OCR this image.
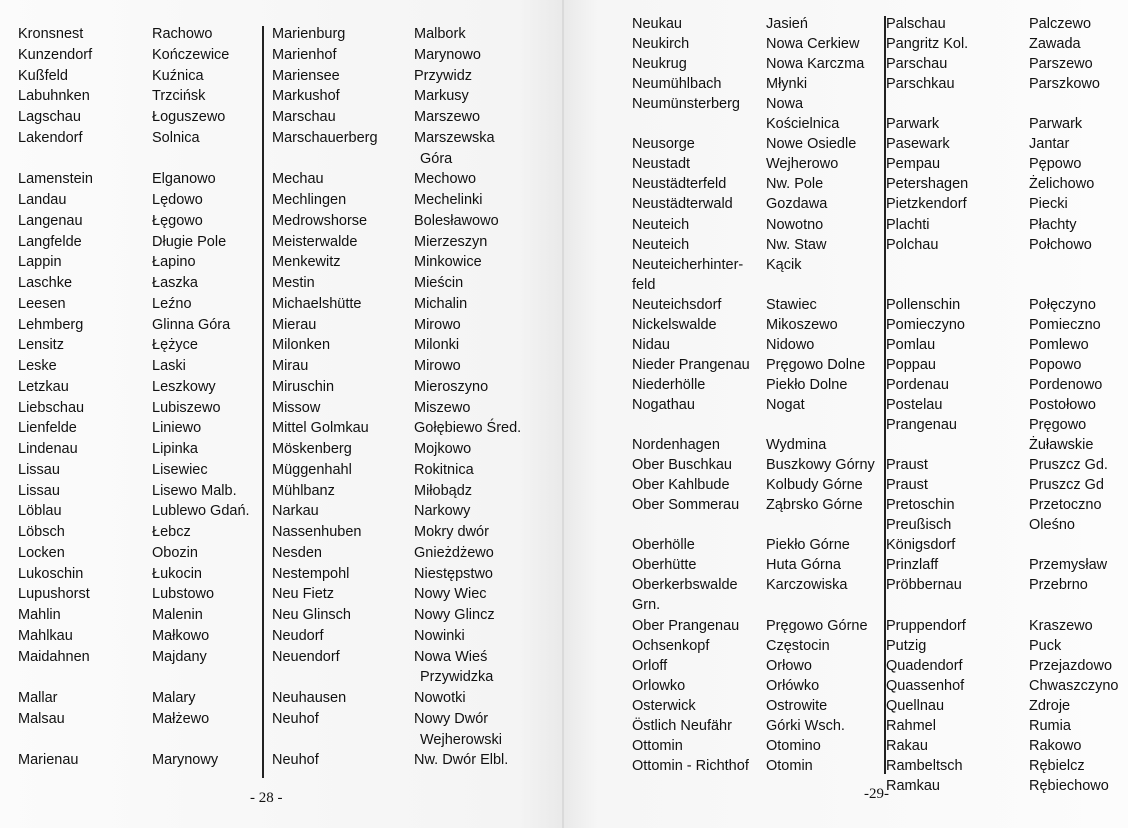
Kronsnest
Kunzendorf
Kußfeld
Labuhnken
Lagschau
Lakendorf
Lamenstein
Landau
Langenau
Langfelde
Lappin
Laschke
Leesen
Lehmberg
Lensitz
Leske
Letzkau
Liebschau
Lienfelde
Lindenau
Lissau
Lissau
Löblau
Löbsch
Locken
Lukoschin
Lupushorst
Mahlin
Mahlkau
Maidahnen
Mallar
Malsau
Marienau
Rachowo
Kończewice
Kuźnica
Trzcińsk
Łoguszewo
Solnica
Elganowo
Lędowo
Łęgowo
Długie Pole
Łapino
Łaszka
Leźno
Glinna Góra
Łężyce
Laski
Leszkowy
Lubiszewo
Liniewo
Lipinka
Lisewiec
Lisewo Malb.
Lublewo Gdań.
Łebcz
Obozin
Łukocin
Lubstowo
Malenin
Małkowo
Majdany
Malary
Małżewo
Marynowy
Marienburg
Marienhof
Mariensee
Markushof
Marschau
Marschauerberg
Mechau
Mechlingen
Medrowshorse
Meisterwalde
Menkewitz
Mestin
Michaelshütte
Mierau
Milonken
Mirau
Miruschin
Missow
Mittel Golmkau
Möskenberg
Müggenhahl
Mühlbanz
Narkau
Nassenhuben
Nesden
Nestempohl
Neu Fietz
Neu Glinsch
Neudorf
Neuendorf
Neuhausen
Neuhof
Neuhof
Malbork
Marynowo
Przywidz
Markusy
Marszewo
Marszewska
Góra
Mechowo
Mechelinki
Bolesławowo
Mierzeszyn
Minkowice
Mieścin
Michalin
Mirowo
Milonki
Mirowo
Mieroszyno
Miszewo
Gołębiewo Śred.
Mojkowo
Rokitnica
Miłobądz
Narkowy
Mokry dwór
Gnieżdżewo
Niestępstwo
Nowy Wiec
Nowy Glincz
Nowinki
Nowa Wieś
Przywidzka
Nowotki
Nowy Dwór
Wejherowski
Nw. Dwór Elbl.
- 28 -
Neukau
Neukirch
Neukrug
Neumühlbach
Neumünsterberg
Neusorge
Neustadt
Neustädterfeld
Neustädterwald
Neuteich
Neuteich
Neuteicherhinter-
feld
Neuteichsdorf
Nickelswalde
Nidau
Nieder Prangenau
Niederhölle
Nogathau
Nordenhagen
Ober Buschkau
Ober Kahlbude
Ober Sommerau
Oberhölle
Oberhütte
Oberkerbswalde
Grn.
Ober Prangenau
Ochsenkopf
Orloff
Orlowko
Osterwick
Östlich Neufähr
Ottomin
Ottomin - Richthof
Jasień
Nowa Cerkiew
Nowa Karczma
Młynki
Nowa
Kościelnica
Nowe Osiedle
Wejherowo
Nw. Pole
Gozdawa
Nowotno
Nw. Staw
Kącik
Stawiec
Mikoszewo
Nidowo
Pręgowo Dolne
Piekło Dolne
Nogat
Wydmina
Buszkowy Górny
Kolbudy Górne
Ząbrsko Górne
Piekło Górne
Huta Górna
Karczowiska
Pręgowo Górne
Częstocin
Orłowo
Orłówko
Ostrowite
Górki Wsch.
Otomino
Otomin
Palschau
Pangritz Kol.
Parschau
Parschkau
Parwark
Pasewark
Pempau
Petershagen
Pietzkendorf
Plachti
Polchau
Pollenschin
Pomieczyno
Pomlau
Poppau
Pordenau
Postelau
Prangenau
Praust
Praust
Pretoschin
Preußisch
Königsdorf
Prinzlaff
Pröbbernau
Pruppendorf
Putzig
Quadendorf
Quassenhof
Quellnau
Rahmel
Rakau
Rambeltsch
Ramkau
Palczewo
Zawada
Parszewo
Parszkowo
Parwark
Jantar
Pępowo
Żelichowo
Piecki
Płachty
Połchowo
Połęczyno
Pomieczno
Pomlewo
Popowo
Pordenowo
Postołowo
Pręgowo
Żuławskie
Pruszcz Gd.
Pruszcz Gd
Przetoczno
Oleśno
Przemysław
Przebrno
Kraszewo
Puck
Przejazdowo
Chwaszczyno
Zdroje
Rumia
Rakowo
Rębielcz
Rębiechowo
-29-
